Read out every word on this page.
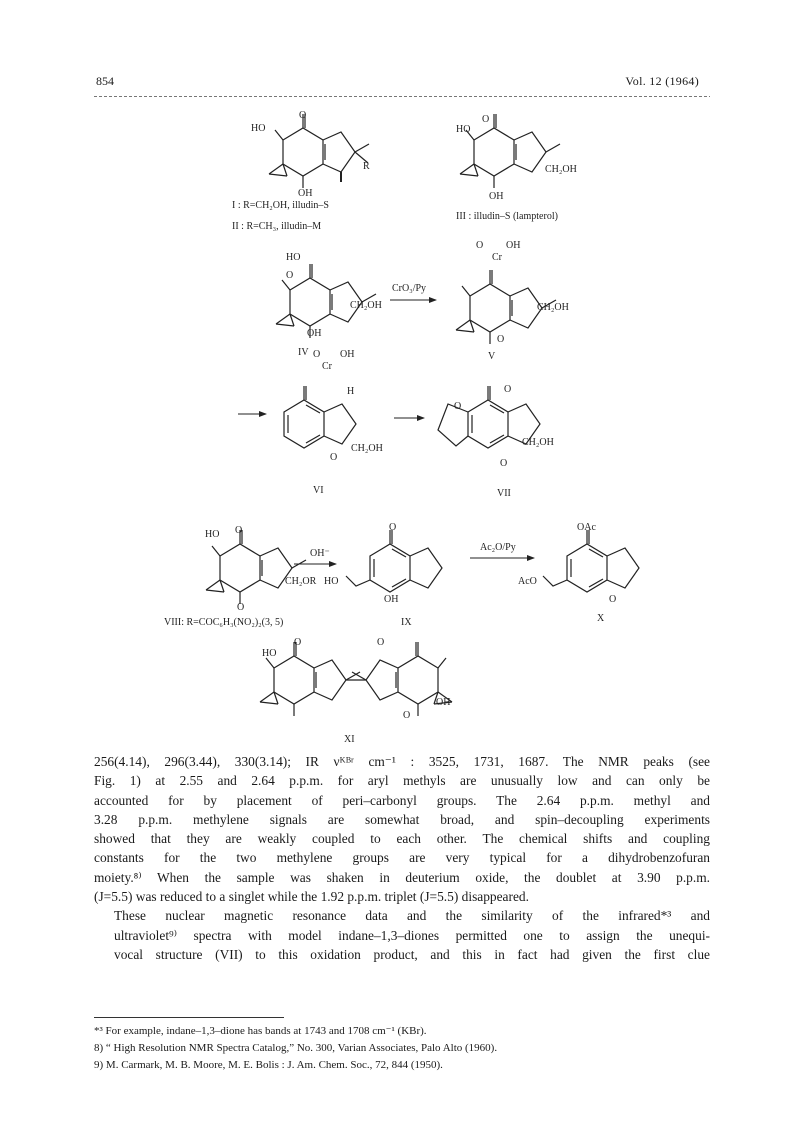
854	Vol. 12 (1964)
HO
O
R
OH
I : R=CH₂OH, illudin–S
II : R=CH₃, illudin–M
HO
O
CH₂OH
OH
III : illudin–S (lampterol)
HO
O
CH₂OH
OH
IV
CrO₃/Py
O OH
Cr
CH₂OH
O
V
O OH
Cr
H
CH₂OH
O
VI
O
O
CH₂OH
O
VII
HO O
CH₂OR
O
VIII: R=COC₆H₃(NO₂)₂(3, 5)
OH⁻
O
HO
OH
IX
Ac₂O/Py
OAc
AcO
O
X
HO
O	O
OH
O
XI

256(4.14), 296(3.44), 330(3.14); IR νᴷᴮʳ cm⁻¹ : 3525, 1731, 1687. The NMR peaks (see
Fig. 1) at 2.55 and 2.64 p.p.m. for aryl methyls are unusually low and can only be
accounted for by placement of peri–carbonyl groups. The 2.64 p.p.m. methyl and
3.28 p.p.m. methylene signals are somewhat broad, and spin–decoupling experiments
showed that they are weakly coupled to each other. The chemical shifts and coupling
constants for the two methylene groups are very typical for a dihydrobenzofuran
moiety.⁸⁾ When the sample was shaken in deuterium oxide, the doublet at 3.90 p.p.m.
(J=5.5) was reduced to a singlet while the 1.92 p.p.m. triplet (J=5.5) disappeared.

These nuclear magnetic resonance data and the similarity of the infrared*³ and
ultraviolet⁹⁾ spectra with model indane–1,3–diones permitted one to assign the unequi-
vocal structure (VII) to this oxidation product, and this in fact had given the first clue

*³ For example, indane–1,3–dione has bands at 1743 and 1708 cm⁻¹ (KBr).
8) “ High Resolution NMR Spectra Catalog,” No. 300, Varian Associates, Palo Alto (1960).
9) M. Carmark, M. B. Moore, M. E. Bolis : J. Am. Chem. Soc., 72, 844 (1950).
